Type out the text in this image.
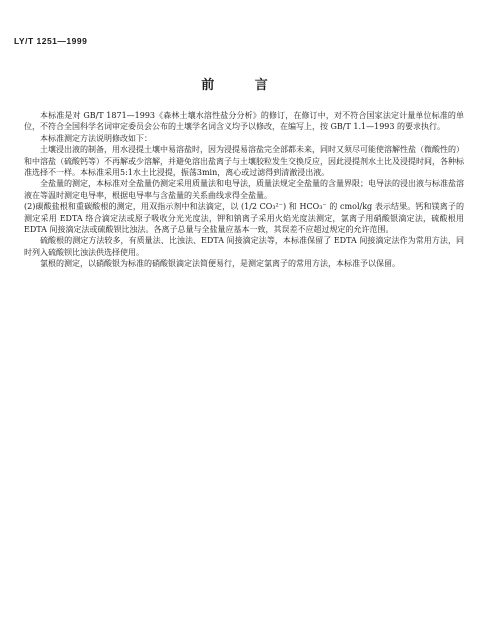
LY/T 1251—1999
前 言

本标准是对 GB/T 1871—1993《森林土壤水溶性盐分分析》的修订，在修订中，对不符合国家法定计量单位标准的单位，不符合全国科学名词审定委员会公布的土壤学名词含义均予以修改，在编写上，按 GB/T 1.1—1993 的要求执行。

本标准测定方法说明修改如下：

土壤浸出液的制备，用水浸提土壤中易溶盐时，因为浸提易溶盐完全部都未来，同时又须尽可能使溶解性盐（微酸性的）和中溶盐（硫酸钙等）不再解或少溶解，并避免溶出盐离子与土壤胶粒发生交换反应，因此浸提剂水土比及浸提时间，各种标准选择不一样。本标准采用5:1水土比浸提，振荡3min，离心或过滤得到清澈浸出液。

全盐量的测定，本标准对全盐量仍测定采用质量法和电导法，质量法规定全盐量的含量界限；电导法的浸出液与标准盐溶液在等温时测定电导率，根据电导率与含盐量的关系曲线求得全盐量。

(2)碳酸盐根和重碳酸根的测定，用双指示剂中和法滴定，以 (1/2 CO₃²⁻) 和 HCO₃⁻ 的 cmol/kg 表示结果。钙和镁离子的测定采用 EDTA 络合滴定法或原子吸收分光光度法，钾和钠离子采用火焰光度法测定，氯离子用硝酸银滴定法，硫酸根用 EDTA 间接滴定法或硫酸钡比浊法。各离子总量与全盐量应基本一致，其误差不应超过规定的允许范围。

硫酸根的测定方法较多，有质量法、比浊法、EDTA 间接滴定法等，本标准保留了 EDTA 间接滴定法作为常用方法，同时列入硫酸钡比浊法供选择使用。

氯根的测定，以硝酸银为标准的硝酸银滴定法简便易行，是测定氯离子的常用方法，本标准予以保留。
